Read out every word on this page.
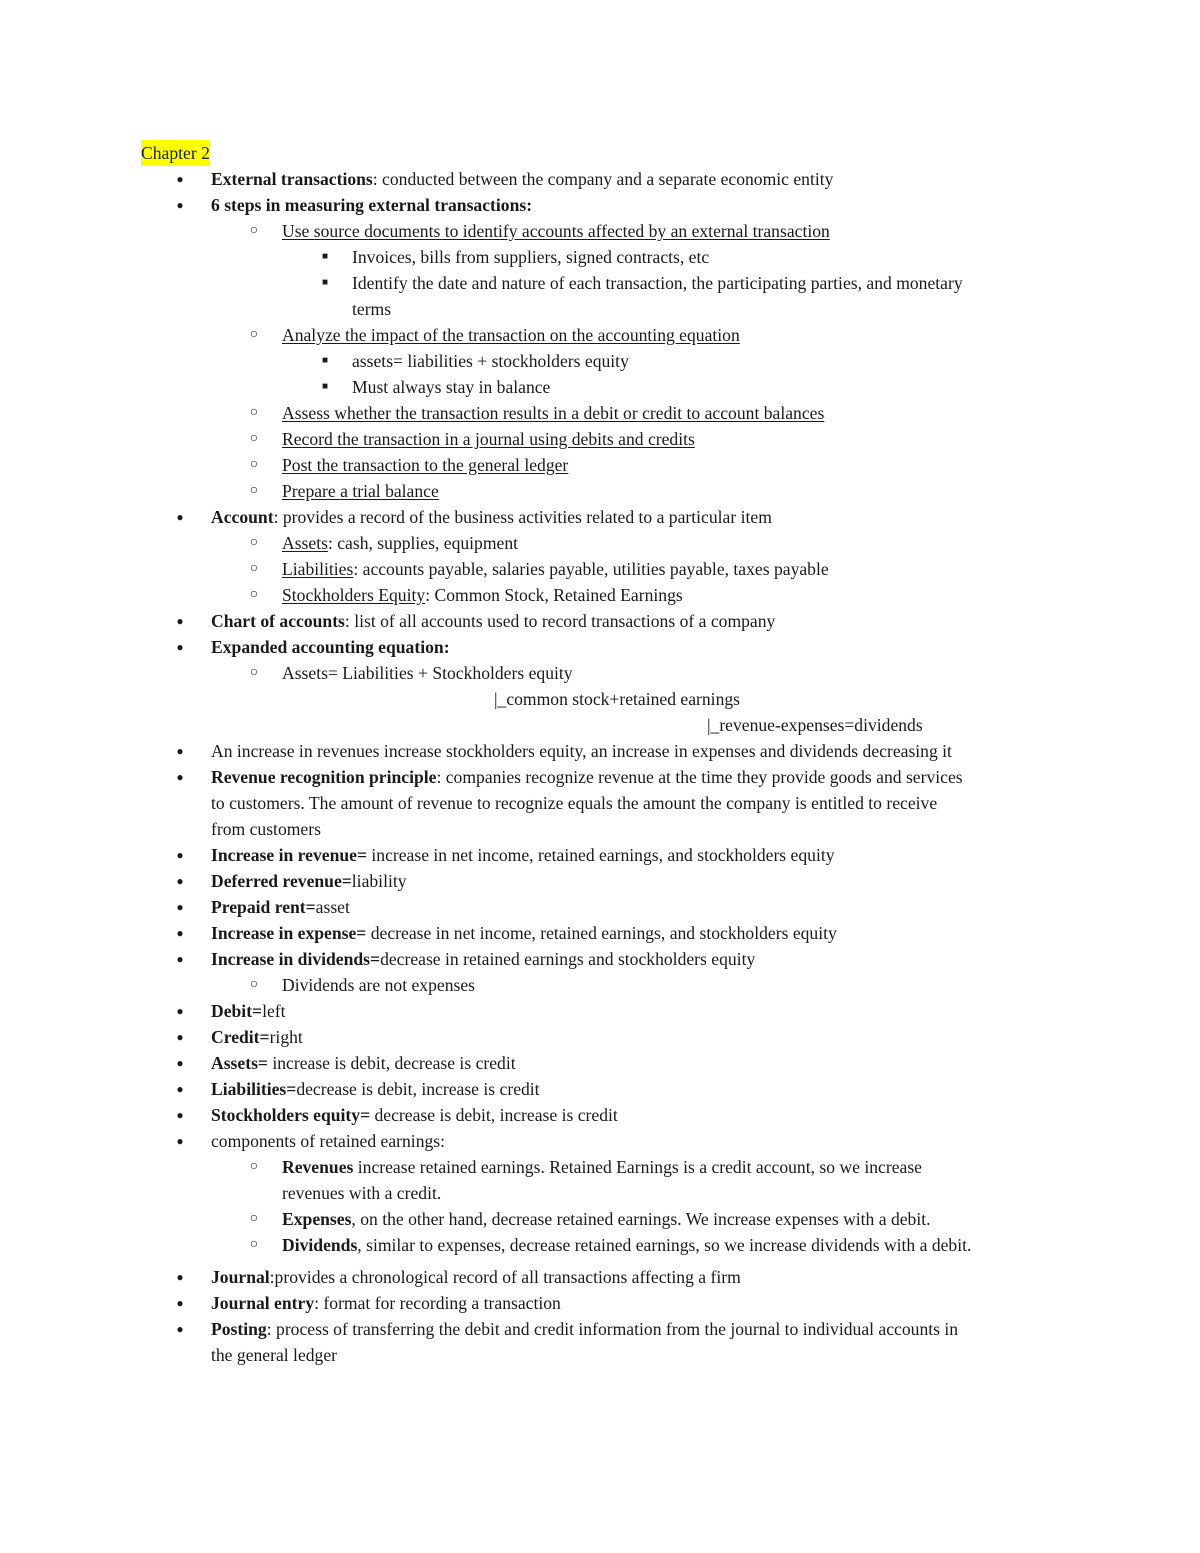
Chapter 2
●	External transactions: conducted between the company and a separate economic entity
●	6 steps in measuring external transactions:
○	Use source documents to identify accounts affected by an external transaction
■	Invoices, bills from suppliers, signed contracts, etc
■	Identify the date and nature of each transaction, the participating parties, and monetary
terms
○	Analyze the impact of the transaction on the accounting equation
■	assets= liabilities + stockholders equity
■	Must always stay in balance
○	Assess whether the transaction results in a debit or credit to account balances
○	Record the transaction in a journal using debits and credits
○	Post the transaction to the general ledger
○	Prepare a trial balance
●	Account: provides a record of the business activities related to a particular item
○	Assets: cash, supplies, equipment
○	Liabilities: accounts payable, salaries payable, utilities payable, taxes payable
○	Stockholders Equity: Common Stock, Retained Earnings
●	Chart of accounts: list of all accounts used to record transactions of a company
●	Expanded accounting equation:
○	Assets= Liabilities + Stockholders equity
|_common stock+retained earnings
|_revenue-expenses=dividends
●	An increase in revenues increase stockholders equity, an increase in expenses and dividends decreasing it
●	Revenue recognition principle: companies recognize revenue at the time they provide goods and services
to customers. The amount of revenue to recognize equals the amount the company is entitled to receive
from customers
●	Increase in revenue= increase in net income, retained earnings, and stockholders equity
●	Deferred revenue=liability
●	Prepaid rent=asset
●	Increase in expense= decrease in net income, retained earnings, and stockholders equity
●	Increase in dividends=decrease in retained earnings and stockholders equity
○	Dividends are not expenses
●	Debit=left
●	Credit=right
●	Assets= increase is debit, decrease is credit
●	Liabilities=decrease is debit, increase is credit
●	Stockholders equity= decrease is debit, increase is credit
●	components of retained earnings:
○	Revenues increase retained earnings. Retained Earnings is a credit account, so we increase
revenues with a credit.
○	Expenses, on the other hand, decrease retained earnings. We increase expenses with a debit.
○	Dividends, similar to expenses, decrease retained earnings, so we increase dividends with a debit.
●	Journal:provides a chronological record of all transactions affecting a firm
●	Journal entry: format for recording a transaction
●	Posting: process of transferring the debit and credit information from the journal to individual accounts in
the general ledger
